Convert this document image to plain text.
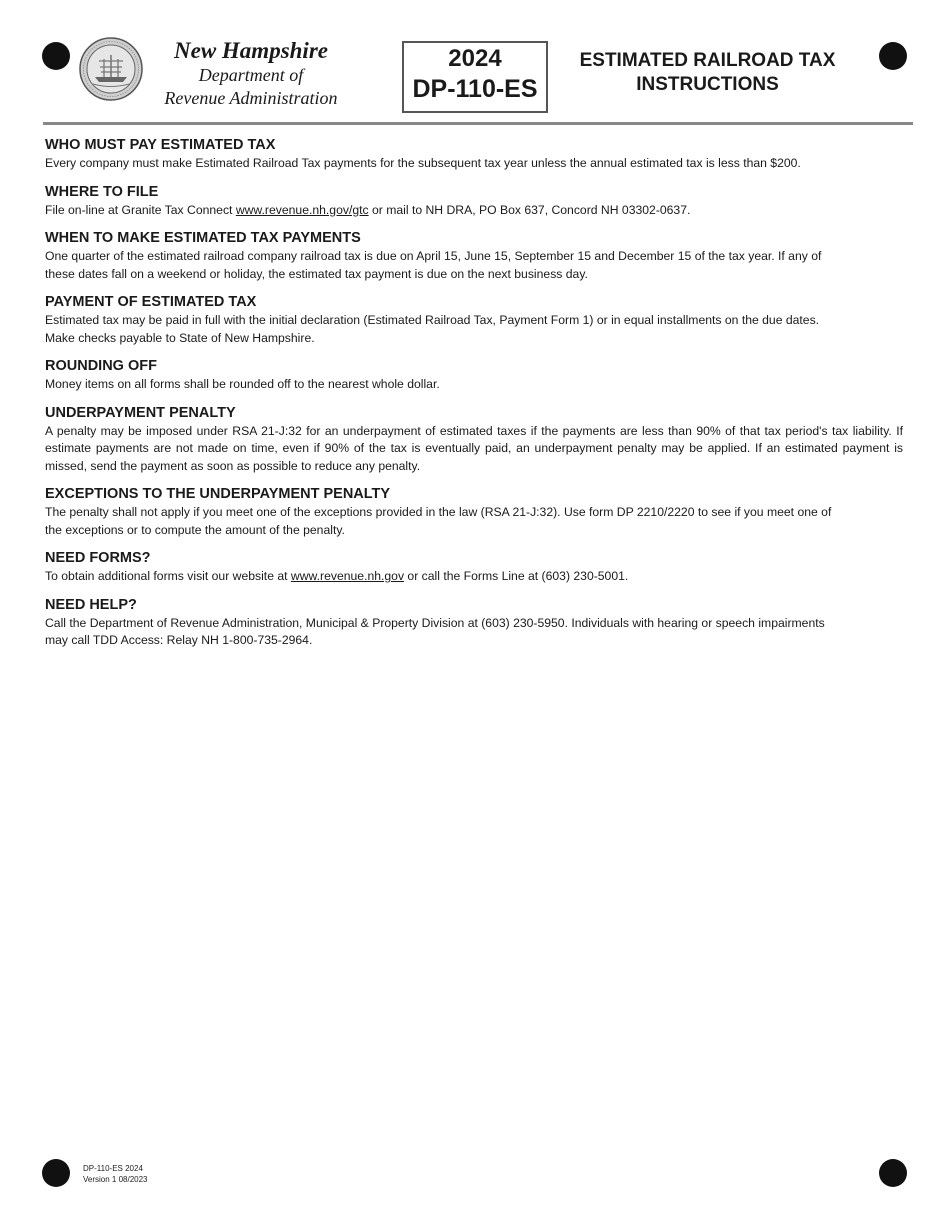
New Hampshire
Department of
Revenue Administration
2024
DP-110-ES
ESTIMATED RAILROAD TAX
INSTRUCTIONS
WHO MUST PAY ESTIMATED TAX

Every company must make Estimated Railroad Tax payments for the subsequent tax year unless the annual estimated tax is less than $200.

WHERE TO FILE

File on-line at Granite Tax Connect www.revenue.nh.gov/gtc or mail to NH DRA, PO Box 637, Concord NH 03302-0637.

WHEN TO MAKE ESTIMATED TAX PAYMENTS

One quarter of the estimated railroad company railroad tax is due on April 15, June 15, September 15 and December 15 of the tax year. If any of
these dates fall on a weekend or holiday, the estimated tax payment is due on the next business day.

PAYMENT OF ESTIMATED TAX

Estimated tax may be paid in full with the initial declaration (Estimated Railroad Tax, Payment Form 1) or in equal installments on the due dates.
Make checks payable to State of New Hampshire.

ROUNDING OFF

Money items on all forms shall be rounded off to the nearest whole dollar.

UNDERPAYMENT PENALTY

A penalty may be imposed under RSA 21-J:32 for an underpayment of estimated taxes if the payments are less than 90% of that tax period's tax liability. If estimate payments are not made on time, even if 90% of the tax is eventually paid, an underpayment penalty may be applied. If an estimated payment is missed, send the payment as soon as possible to reduce any penalty.

EXCEPTIONS TO THE UNDERPAYMENT PENALTY

The penalty shall not apply if you meet one of the exceptions provided in the law (RSA 21-J:32). Use form DP 2210/2220 to see if you meet one of
the exceptions or to compute the amount of the penalty.

NEED FORMS?

To obtain additional forms visit our website at www.revenue.nh.gov or call the Forms Line at (603) 230-5001.

NEED HELP?

Call the Department of Revenue Administration, Municipal & Property Division at (603) 230-5950. Individuals with hearing or speech impairments
may call TDD Access: Relay NH 1-800-735-2964.

DP-110-ES 2024
Version 1 08/2023
